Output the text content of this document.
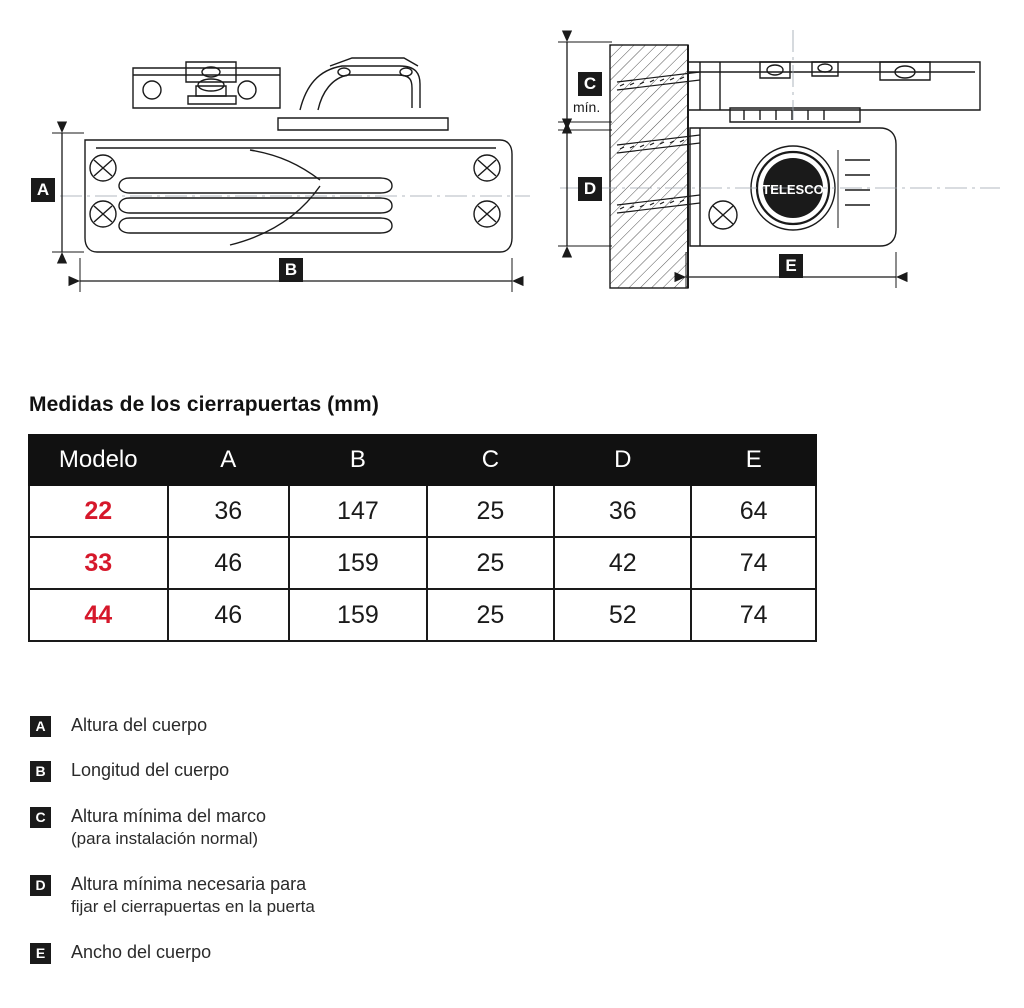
TELESCO
A
B
C
mín.
D
E
Medidas de los cierrapuertas (mm)
Modelo	A	B	C	D	E
22	36	147	25	36	64
33	46	159	25	42	74
44	46	159	25	52	74
A	Altura del cuerpo
B	Longitud del cuerpo
C	Altura mínima del marco
(para instalación normal)
D	Altura mínima necesaria para
fijar el cierrapuertas en la puerta
E	Ancho del cuerpo
